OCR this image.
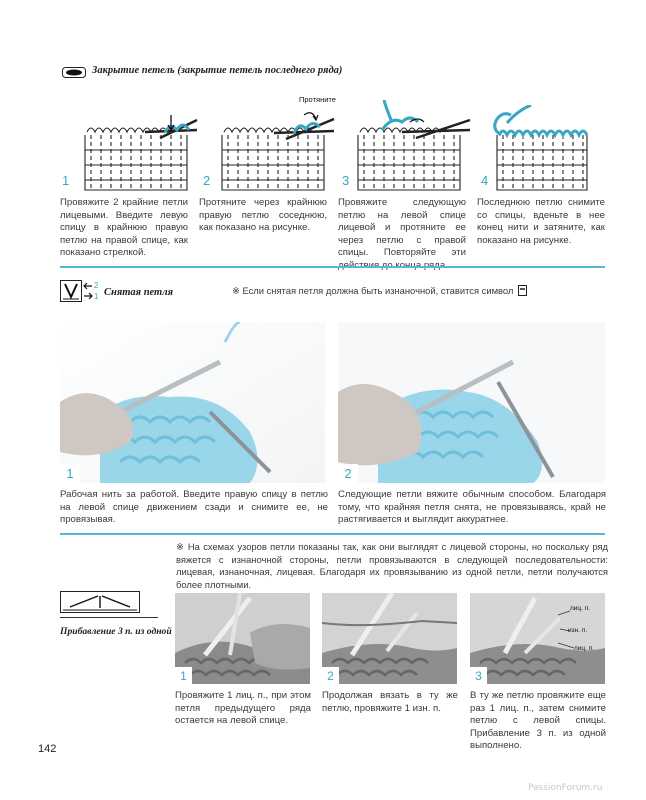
Закрытие петель (закрытие петель последнего ряда)
1
Протяните
2	3	4
Провяжите 2 крайние петли лицевыми. Введите левую спицу в крайнюю правую петлю на правой спице, как показано стрелкой.
Протяните через крайнюю правую петлю соседнюю, как показано на рисунке.
Провяжите следующую петлю на левой спице лицевой и протяните ее через петлю с правой спицы. Повторяйте эти
Последнюю петлю снимите со спицы, вденьте в нее конец нити и затяните, как показано на рисунке.
2
1 Снятая петля	※ Если снятая петля должна быть изнаночной, ставится символ
1	2
Рабочая нить за работой. Введите правую спицу в петлю на левой спице движением сзади и снимите ее, не провязывая.
Следующие петли вяжите обычным способом. Благодаря тому, что крайняя петля снята, не провязываясь, край не растягивается и выглядит аккуратнее.
※ На схемах узоров петли показаны так, как они выглядят с лицевой стороны, но поскольку ряд вяжется с изнаночной стороны, петли провязываются в следующей последовательности: лицевая, изнаночная, лицевая. Благодаря их провязыванию из одной петли, петли получаются более плотными.
Прибавление 3 п. из одной
1	2
лиц. п.
изн. п.
лиц. п.
3
Провяжите 1 лиц. п., при этом петля предыдущего ряда остается на левой спице.
Продолжая вязать в ту же петлю, провяжите 1 изн. п.
В ту же петлю провяжите еще раз 1 лиц. п., затем снимите петлю с левой спицы. Прибавление 3 п. из одной выполнено.
142
PassionForum.ru
